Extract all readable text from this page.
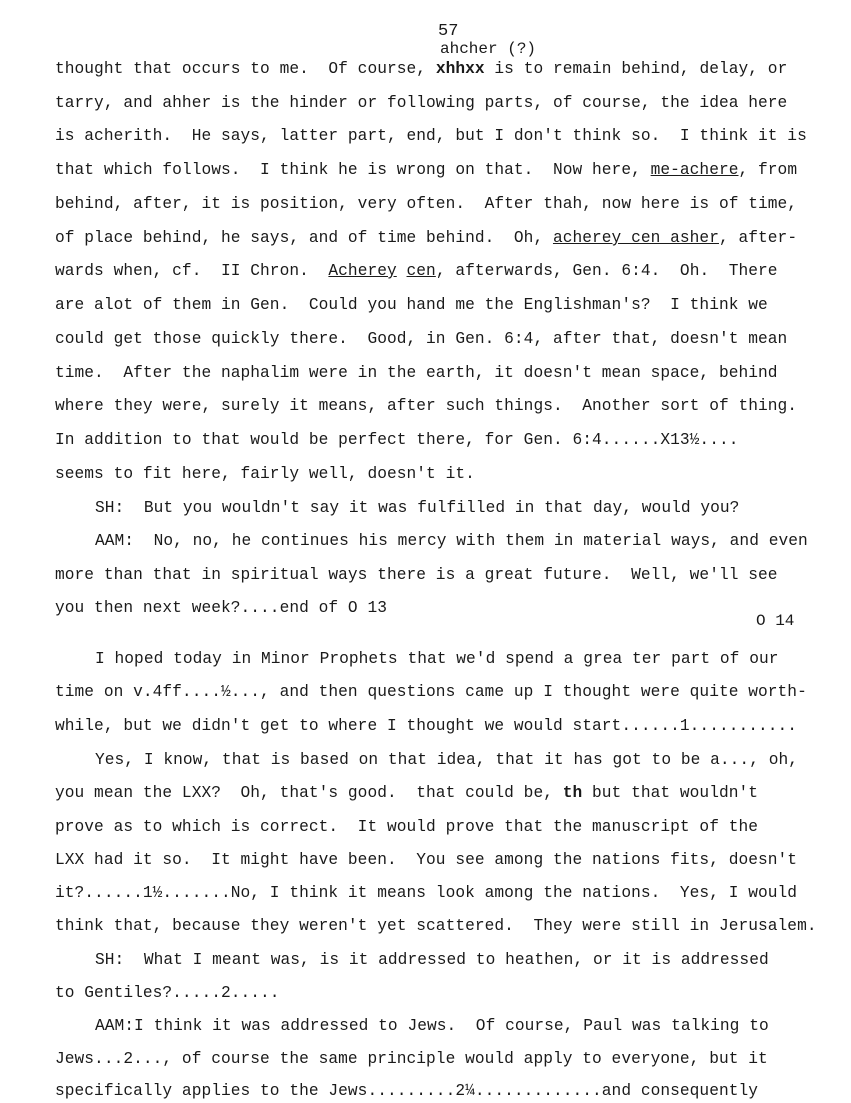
57
ahcher (?)
thought that occurs to me.  Of course, xhhxx is to remain behind, delay, or
tarry, and ahher is the hinder or following parts, of course, the idea here
is acherith.  He says, latter part, end, but I don't think so.  I think it is
that which follows.  I think he is wrong on that.  Now here, me-achere, from
behind, after, it is position, very often.  After thah, now here is of time,
of place behind, he says, and of time behind.  Oh, acherey cen asher, after-
wards when, cf.  II Chron.  Acherey cen, afterwards, Gen. 6:4.  Oh.  There
are alot of them in Gen.  Could you hand me the Englishman's?  I think we
could get those quickly there.  Good, in Gen. 6:4, after that, doesn't mean
time.  After the naphalim were in the earth, it doesn't mean space, behind
where they were, surely it means, after such things.  Another sort of thing.
In addition to that would be perfect there, for Gen. 6:4......X13½....
seems to fit here, fairly well, doesn't it.
SH:  But you wouldn't say it was fulfilled in that day, would you?
AAM:  No, no, he continues his mercy with them in material ways, and even
more than that in spiritual ways there is a great future.  Well, we'll see
you then next week?....end of O 13
O 14
I hoped today in Minor Prophets that we'd spend a grea ter part of our
time on v.4ff....½..., and then questions came up I thought were quite worth-
while, but we didn't get to where I thought we would start......1...........
Yes, I know, that is based on that idea, that it has got to be a..., oh,
you mean the LXX?  Oh, that's good.  that could be, th but that wouldn't
prove as to which is correct.  It would prove that the manuscript of the
LXX had it so.  It might have been.  You see among the nations fits, doesn't
it?......1½.......No, I think it means look among the nations.  Yes, I would
think that, because they weren't yet scattered.  They were still in Jerusalem.
SH:  What I meant was, is it addressed to heathen, or it is addressed
to Gentiles?.....2.....
AAM:I think it was addressed to Jews.  Of course, Paul was talking to
Jews...2..., of course the same principle would apply to everyone, but it
specifically applies to the Jews.........2¼.............and consequently
